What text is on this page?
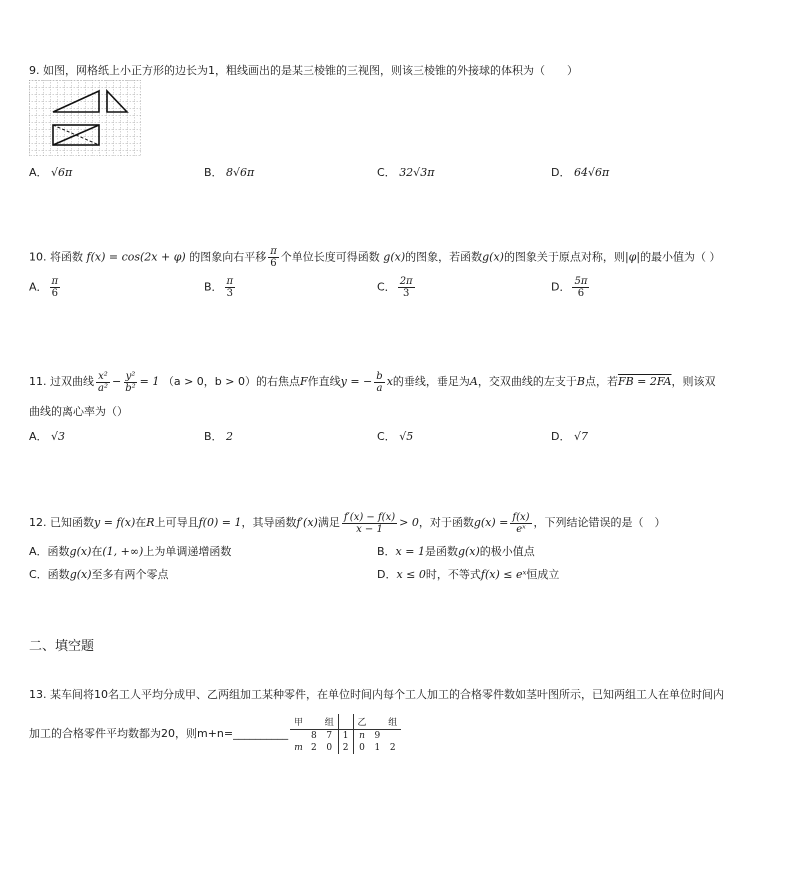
9. 如图，网格纸上小正方形的边长为1，粗线画出的是某三棱锥的三视图，则该三棱锥的外接球的体积为（　　）
A． √6π	B． 8√6π	C． 32√3π	D． 64√6π
10. 将函数 f(x) = cos(2x + φ) 的图象向右平移 $\frac{\pi}{6}$ 个单位长度可得函数 g(x)的图象，若函数g(x)的图象关于原点对称，则|φ|的最小值为（ ）
A． $\frac{\pi}{6}$	B． $\frac{\pi}{3}$	C． $\frac{2\pi}{3}$	D． $\frac{5\pi}{6}$
11. 过双曲线 $\frac{\text{x²}}{\text{a²}} - \frac{\text{y²}}{\text{b²}} = 1$ （a > 0，b > 0）的右焦点F作直线y = − $\frac{b}{a}$ x的垂线，垂足为A，交双曲线的左支于B点，若FB = 2FA，则该双
曲线的离心率为（）
A． √3	B． 2	C． √5	D． √7
12. 已知函数y = f(x)在R上可导且f(0) = 1，其导函数f′(x)满足 $\frac{f'(x) - f(x)}{x - 1} > 0$，对于函数$g(x) = \frac{f(x)}{\text{eˣ}}$ ，下列结论错误的是（　）
A．函数g(x)在(1, +∞)上为单调递增函数	B．x = 1是函数g(x)的极小值点
C．函数g(x)至多有两个零点	D．x ≤ 0时，不等式f(x) ≤ eˣ恒成立
二、填空题
13. 某车间将10名工人平均分成甲、乙两组加工某种零件，在单位时间内每个工人加工的合格零件数如茎叶图所示，已知两组工人在单位时间内
加工的合格零件平均数都为20，则m+n=__________
甲		组		乙		组
	8	7	1	n	9	
m	2	0	2	0	1	2
